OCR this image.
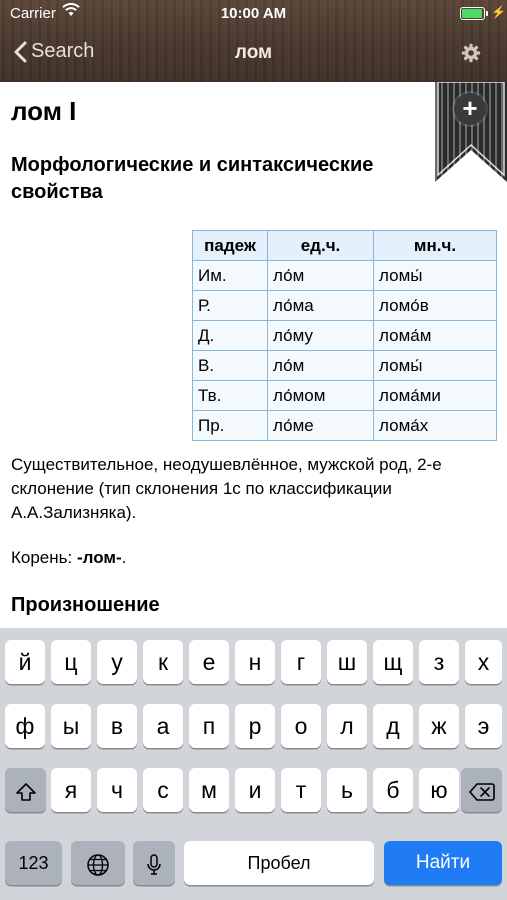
Carrier	10:00 AM	⚡
Search	лом
лом I	+
Морфологические и синтаксические свойства
падеж	ед.ч.	мн.ч.
Им.	ло́м	ломы́
Р.	ло́ма	ломо́в
Д.	ло́му	лома́м
В.	ло́м	ломы́
Тв.	ло́мом	лома́ми
Пр.	ло́ме	лома́х
Существительное, неодушевлённое, мужской род, 2-е склонение (тип склонения 1c по классификации А.А.Зализняка).
Корень: -лом-.
Произношение
й	ц	у	к	е	н	г	ш	щ	з	х
ф	ы	в	а	п	р	о	л	д	ж	э
я	ч	с	м	и	т	ь	б	ю
123	Пробел	Найти
